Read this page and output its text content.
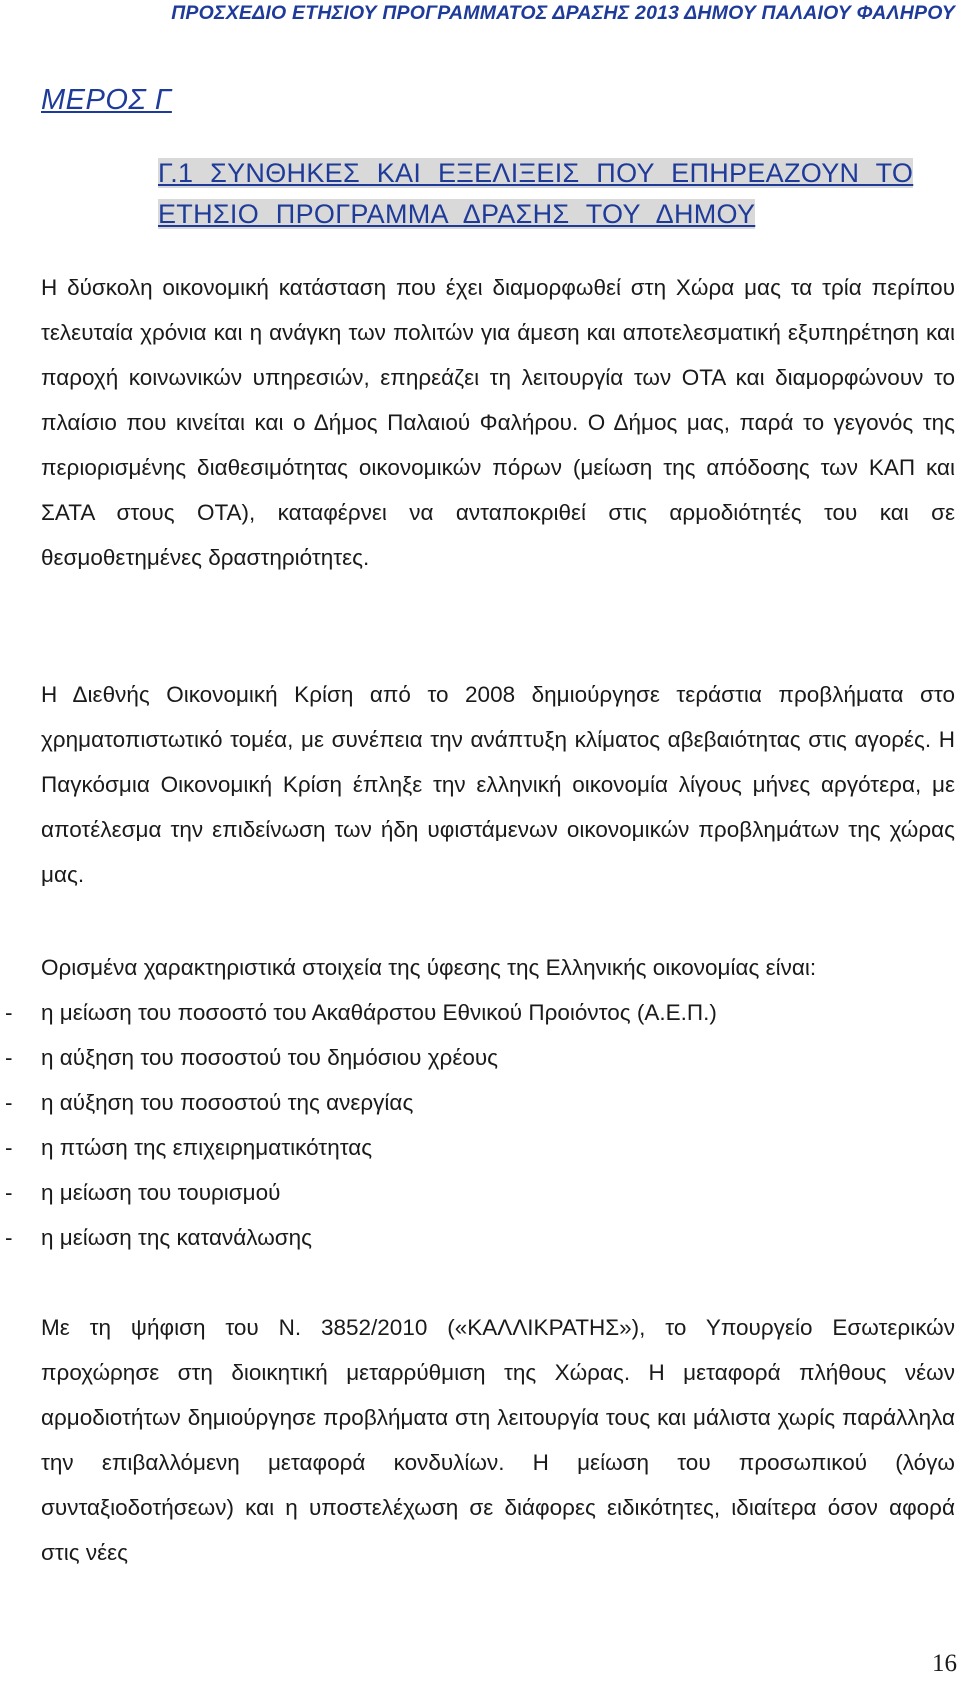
ΠΡΟΣΧΕΔΙΟ ΕΤΗΣΙΟΥ ΠΡΟΓΡΑΜΜΑΤΟΣ ΔΡΑΣΗΣ 2013 ΔΗΜΟΥ ΠΑΛΑΙΟΥ ΦΑΛΗΡΟΥ
ΜΕΡΟΣ Γ
Γ.1 ΣΥΝΘΗΚΕΣ ΚΑΙ ΕΞΕΛΙΞΕΙΣ ΠΟΥ ΕΠΗΡΕΑΖΟΥΝ ΤΟ ΕΤΗΣΙΟ ΠΡΟΓΡΑΜΜΑ ΔΡΑΣΗΣ ΤΟΥ ΔΗΜΟΥ
Η δύσκολη οικονομική κατάσταση που έχει διαμορφωθεί στη Χώρα μας τα τρία περίπου τελευταία χρόνια και η ανάγκη των πολιτών για άμεση και αποτελεσματική εξυπηρέτηση και παροχή κοινωνικών υπηρεσιών, επηρεάζει τη λειτουργία των ΟΤΑ και διαμορφώνουν το πλαίσιο που κινείται και ο Δήμος Παλαιού Φαλήρου. Ο Δήμος μας, παρά το γεγονός της περιορισμένης διαθεσιμότητας οικονομικών πόρων (μείωση της απόδοσης των ΚΑΠ και ΣΑΤΑ στους ΟΤΑ), καταφέρνει να ανταποκριθεί στις αρμοδιότητές του και σε θεσμοθετημένες δραστηριότητες.
Η Διεθνής Οικονομική Κρίση από το 2008 δημιούργησε τεράστια προβλήματα στο χρηματοπιστωτικό τομέα, με συνέπεια την ανάπτυξη κλίματος αβεβαιότητας στις αγορές. Η Παγκόσμια Οικονομική Κρίση έπληξε την ελληνική οικονομία λίγους μήνες αργότερα, με αποτέλεσμα την επιδείνωση των ήδη υφιστάμενων οικονομικών προβλημάτων της χώρας μας.
Ορισμένα χαρακτηριστικά στοιχεία της ύφεσης της Ελληνικής οικονομίας είναι:
- η μείωση του ποσοστό του Ακαθάρστου Εθνικού Προιόντος (Α.Ε.Π.)
- η αύξηση του ποσοστού του δημόσιου χρέους
- η αύξηση του ποσοστού της ανεργίας
- η πτώση της επιχειρηματικότητας
- η μείωση του τουρισμού
- η μείωση της κατανάλωσης
Με τη ψήφιση του Ν. 3852/2010 («ΚΑΛΛΙΚΡΑΤΗΣ»), το Υπουργείο Εσωτερικών προχώρησε στη διοικητική μεταρρύθμιση της Χώρας. Η μεταφορά πλήθους νέων αρμοδιοτήτων δημιούργησε προβλήματα στη λειτουργία τους και μάλιστα χωρίς παράλληλα την επιβαλλόμενη μεταφορά κονδυλίων. Η μείωση του προσωπικού (λόγω συνταξιοδοτήσεων) και η υποστελέχωση σε διάφορες ειδικότητες, ιδιαίτερα όσον αφορά στις νέες
16
